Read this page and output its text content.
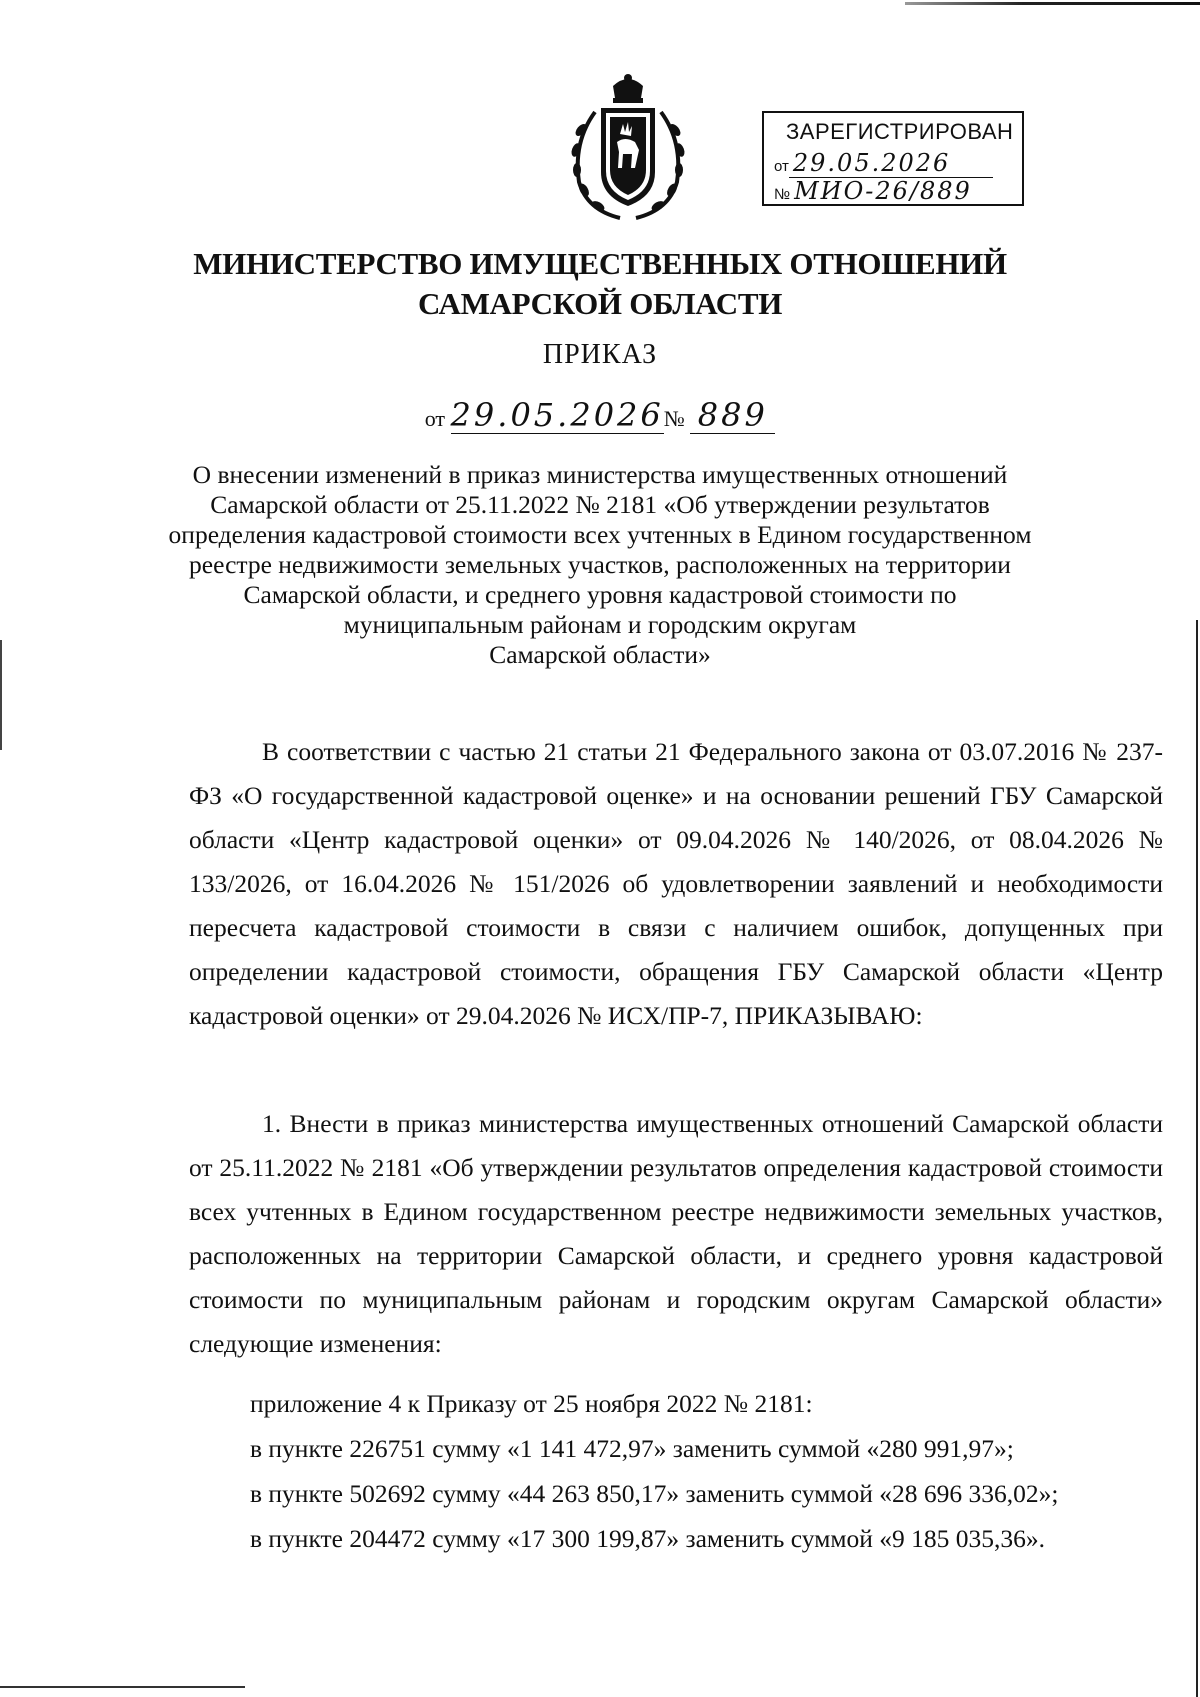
ЗАРЕГИСТРИРОВАН
от 29.05.2026
№ МИО-26/889
МИНИСТЕРСТВО ИМУЩЕСТВЕННЫХ ОТНОШЕНИЙ
САМАРСКОЙ ОБЛАСТИ
ПРИКАЗ
от 29.05.2026№ 889
О внесении изменений в приказ министерства имущественных отношений
Самарской области от 25.11.2022 № 2181 «Об утверждении результатов
определения кадастровой стоимости всех учтенных в Едином государственном
реестре недвижимости земельных участков, расположенных на территории
Самарской области, и среднего уровня кадастровой стоимости по
муниципальным районам и городским округам
Самарской области»
В соответствии с частью 21 статьи 21 Федерального закона от 03.07.2016 № 237-ФЗ «О государственной кадастровой оценке» и на основании решений ГБУ Самарской области «Центр кадастровой оценки» от 09.04.2026 № 140/2026, от 08.04.2026 № 133/2026, от 16.04.2026 № 151/2026 об удовлетворении заявлений и необходимости пересчета кадастровой стоимости в связи с наличием ошибок, допущенных при определении кадастровой стоимости, обращения ГБУ Самарской области «Центр кадастровой оценки» от 29.04.2026 № ИСХ/ПР-7, ПРИКАЗЫВАЮ:
1. Внести в приказ министерства имущественных отношений Самарской области от 25.11.2022 № 2181 «Об утверждении результатов определения кадастровой стоимости всех учтенных в Едином государственном реестре недвижимости земельных участков, расположенных на территории Самарской области, и среднего уровня кадастровой стоимости по муниципальным районам и городским округам Самарской области» следующие изменения:
приложение 4 к Приказу от 25 ноября 2022 № 2181:
в пункте 226751 сумму «1 141 472,97» заменить суммой «280 991,97»;
в пункте 502692 сумму «44 263 850,17» заменить суммой «28 696 336,02»;
в пункте 204472 сумму «17 300 199,87» заменить суммой «9 185 035,36».
